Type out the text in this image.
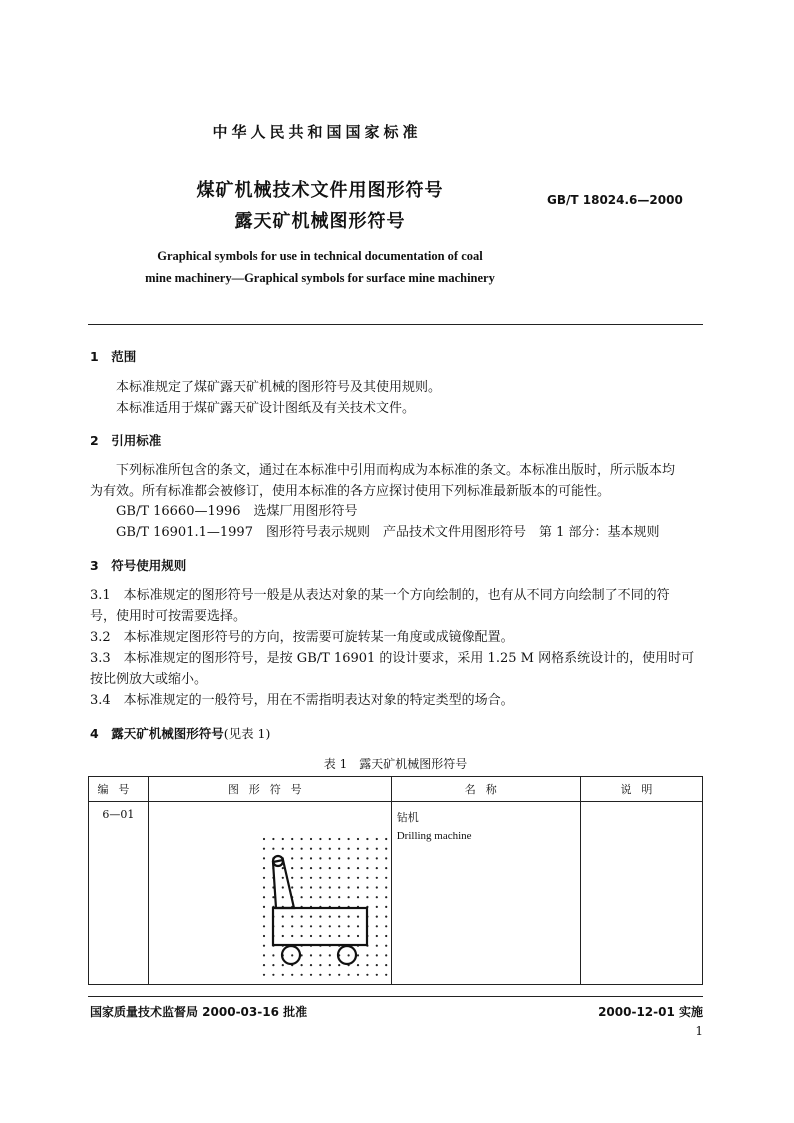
中华人民共和国国家标准
煤矿机械技术文件用图形符号
露天矿机械图形符号
GB/T 18024.6—2000
Graphical symbols for use in technical documentation of coal
mine machinery—Graphical symbols for surface mine machinery
1　范围
本标准规定了煤矿露天矿机械的图形符号及其使用规则。
本标准适用于煤矿露天矿设计图纸及有关技术文件。
2　引用标准
下列标准所包含的条文，通过在本标准中引用而构成为本标准的条文。本标准出版时，所示版本均
为有效。所有标准都会被修订，使用本标准的各方应探讨使用下列标准最新版本的可能性。
GB/T 16660—1996　选煤厂用图形符号
GB/T 16901.1—1997　图形符号表示规则　产品技术文件用图形符号　第 1 部分：基本规则
3　符号使用规则
3.1　本标准规定的图形符号一般是从表达对象的某一个方向绘制的，也有从不同方向绘制了不同的符
号，使用时可按需要选择。
3.2　本标准规定图形符号的方向，按需要可旋转某一角度或成镜像配置。
3.3　本标准规定的图形符号，是按 GB/T 16901 的设计要求，采用 1.25 M 网格系统设计的，使用时可
按比例放大或缩小。
3.4　本标准规定的一般符号，用在不需指明表达对象的特定类型的场合。
4　露天矿机械图形符号(见表 1)
表 1　露天矿机械图形符号
编号	图形符号	名称	说明
6—01		钻机
Drilling machine	

国家质量技术监督局 2000-03-16 批准	2000-12-01 实施
1
